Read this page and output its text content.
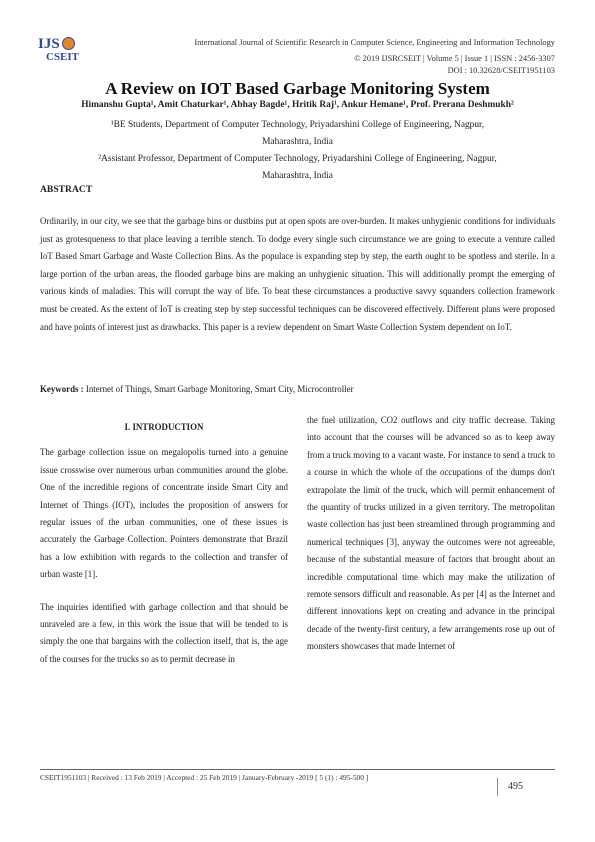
IJS
CSEIT
International Journal of Scientific Research in Computer Science, Engineering and Information Technology
© 2019 IJSRCSEIT | Volume 5 | Issue 1 | ISSN : 2456-3307
DOI : 10.32628/CSEIT1951103
A Review on IOT Based Garbage Monitoring System
Himanshu Gupta¹, Amit Chaturkar¹, Abhay Bagde¹, Hritik Raj¹, Ankur Hemane¹, Prof. Prerana Deshmukh²
¹BE Students, Department of Computer Technology, Priyadarshini College of Engineering, Nagpur, Maharashtra, India
²Assistant Professor, Department of Computer Technology, Priyadarshini College of Engineering, Nagpur, Maharashtra, India
ABSTRACT
Ordinarily, in our city, we see that the garbage bins or dustbins put at open spots are over-burden. It makes unhygienic conditions for individuals just as grotesqueness to that place leaving a terrible stench. To dodge every single such circumstance we are going to execute a venture called IoT Based Smart Garbage and Waste Collection Bins. As the populace is expanding step by step, the earth ought to be spotless and sterile. In a large portion of the urban areas, the flooded garbage bins are making an unhygienic situation. This will additionally prompt the emerging of various kinds of maladies. This will corrupt the way of life. To beat these circumstances a productive savvy squanders collection framework must be created. As the extent of IoT is creating step by step successful techniques can be discovered effectively. Different plans were proposed and have points of interest just as drawbacks. This paper is a review dependent on Smart Waste Collection System dependent on IoT.
Keywords : Internet of Things, Smart Garbage Monitoring, Smart City, Microcontroller

I. INTRODUCTION

The garbage collection issue on megalopolis turned into a genuine issue crosswise over numerous urban communities around the globe. One of the incredible regions of concentrate inside Smart City and Internet of Things (IOT), includes the proposition of answers for regular issues of the urban communities, one of these issues is accurately the Garbage Collection. Pointers demonstrate that Brazil has a low exhibition with regards to the collection and transfer of urban waste [1].

The inquiries identified with garbage collection and that should be unraveled are a few, in this work the issue that will be tended to is simply the one that bargains with the collection itself, that is, the age of the courses for the trucks so as to permit decrease in

the fuel utilization, CO2 outflows and city traffic decrease. Taking into account that the courses will be advanced so as to keep away from a truck moving to a vacant waste. For instance to send a truck to a course in which the whole of the occupations of the dumps don't extrapolate the limit of the truck, which will permit enhancement of the quantity of trucks utilized in a given territory. The metropolitan waste collection has just been streamlined through programming and numerical techniques [3], anyway the outcomes were not agreeable, because of the substantial measure of factors that brought about an incredible computational time which may make the utilization of remote sensors difficult and reasonable. As per [4] as the Internet and different innovations kept on creating and advance in the principal decade of the twenty-first century, a few arrangements rose up out of monsters showcases that made Internet of

CSEIT1951103 | Received : 13 Feb 2019 | Accepted : 25 Feb 2019 | January-February -2019 [ 5 (1) : 495-500 ]
495
